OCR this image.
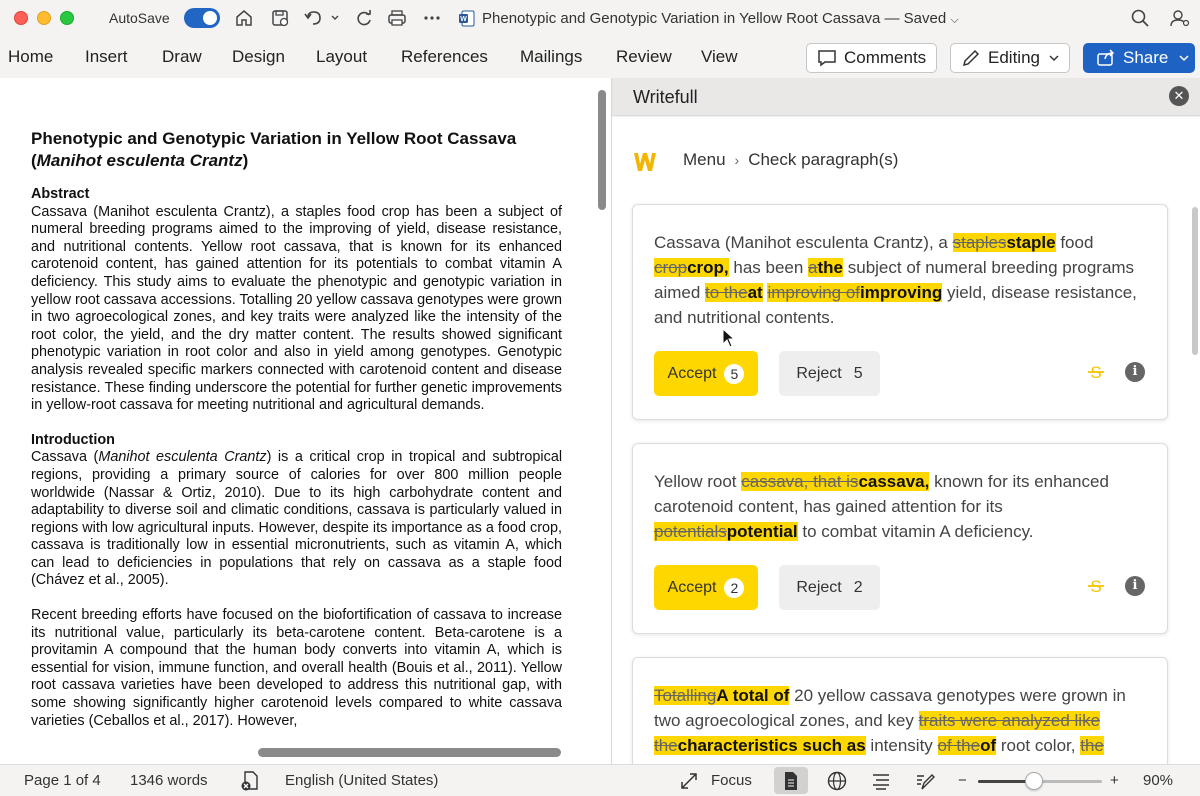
AutoSave	W Phenotypic and Genotypic Variation in Yellow Root Cassava — Saved ⌵
Home Insert Draw Design Layout References Mailings Review View	Comments	Editing	Share
Phenotypic and Genotypic Variation in Yellow Root Cassava
(Manihot esculenta Crantz)
Abstract
Cassava (Manihot esculenta Crantz), a staples food crop has been a subject of numeral breeding programs aimed to the improving of yield, disease resistance, and nutritional contents. Yellow root cassava, that is known for its enhanced carotenoid content, has gained attention for its potentials to combat vitamin A deficiency. This study aims to evaluate the phenotypic and genotypic variation in yellow root cassava accessions. Totalling 20 yellow cassava genotypes were grown in two agroecological zones, and key traits were analyzed like the intensity of the root color, the yield, and the dry matter content. The results showed significant phenotypic variation in root color and also in yield among genotypes. Genotypic analysis revealed specific markers connected with carotenoid content and disease resistance. These finding underscore the potential for further genetic improvements in yellow-root cassava for meeting nutritional and agricultural demands.
Introduction
Cassava (Manihot esculenta Crantz) is a critical crop in tropical and subtropical regions, providing a primary source of calories for over 800 million people worldwide (Nassar & Ortiz, 2010). Due to its high carbohydrate content and adaptability to diverse soil and climatic conditions, cassava is particularly valued in regions with low agricultural inputs. However, despite its importance as a food crop, cassava is traditionally low in essential micronutrients, such as vitamin A, which can lead to deficiencies in populations that rely on cassava as a staple food (Chávez et al., 2005).
Recent breeding efforts have focused on the biofortification of cassava to increase its nutritional value, particularly its beta-carotene content. Beta-carotene is a provitamin A compound that the human body converts into vitamin A, which is essential for vision, immune function, and overall health (Bouis et al., 2011). Yellow root cassava varieties have been developed to address this nutritional gap, with some showing significantly higher carotenoid levels compared to white cassava varieties (Ceballos et al., 2017). However,
Writefull	✕
Menu › Check paragraph(s)
Cassava (Manihot esculenta Crantz), a staplesstaple food cropcrop, has been athe subject of numeral breeding programs aimed to theat improving ofimproving yield, disease resistance, and nutritional contents.
Accept	5	Reject 5	S	i
Yellow root cassava, that iscassava, known for its enhanced carotenoid content, has gained attention for its potentialspotential to combat vitamin A deficiency.
Accept	2	Reject 2	S	i
TotallingA total of 20 yellow cassava genotypes were grown in two agroecological zones, and key traits were analyzed like thecharacteristics such as intensity of theof root color, the
Page 1 of 4 1346 words	English (United States)	Focus	−	+ 90%
